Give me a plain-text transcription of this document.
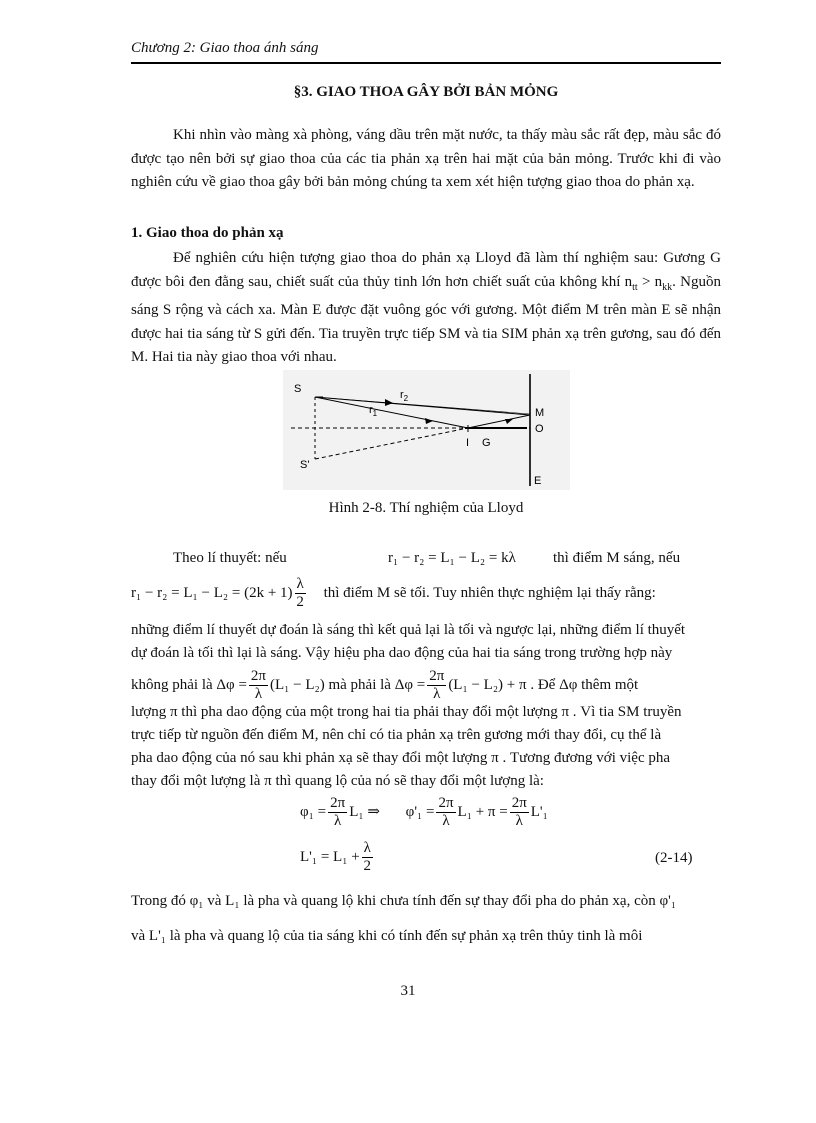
Chương 2: Giao thoa ánh sáng
§3. GIAO THOA GÂY BỞI BẢN MỎNG
Khi nhìn vào màng xà phòng, váng dầu trên mặt nước, ta thấy màu sắc rất đẹp, màu sắc đó được tạo nên bởi sự giao thoa của các tia phản xạ trên hai mặt của bản mỏng. Trước khi đi vào nghiên cứu về giao thoa gây bởi bản mỏng chúng ta xem xét hiện tượng giao thoa do phản xạ.
1. Giao thoa do phản xạ
Để nghiên cứu hiện tượng giao thoa do phản xạ Lloyd đã làm thí nghiệm sau: Gương G được bôi đen đằng sau, chiết suất của thủy tinh lớn hơn chiết suất của không khí $n_{tt} > n_{kk}$. Nguồn sáng S rộng và cách xa. Màn E được đặt vuông góc với gương. Một điểm M trên màn E sẽ nhận được hai tia sáng từ S gửi đến. Tia truyền trực tiếp SM và tia SIM phản xạ trên gương, sau đó đến M. Hai tia này giao thoa với nhau.
S
S'
$r_2$
$r_1$
I G
M
O
E
Hình 2-8. Thí nghiệm của Lloyd
Theo lí thuyết: nếu	r₁ − r₂ = L₁ − L₂ = kλ thì điểm M sáng, nếu
$r_1 - r_2 = L_1 - L_2 = (2k + 1) \frac{\lambda}{2}$ thì điểm M sẽ tối. Tuy nhiên thực nghiệm lại thấy rằng:
những điểm lí thuyết dự đoán là sáng thì kết quả lại là tối và ngược lại, những điểm lí thuyết
dự đoán là tối thì lại là sáng. Vậy hiệu pha dao động của hai tia sáng trong trường hợp này
không phải là $\Delta\varphi = \frac{2\pi}{\lambda} (L_1 - L_2)$ mà phải là $\Delta\varphi = \frac{2\pi}{\lambda} (L_1 - L_2) + \pi$ . Để Δφ thêm một
lượng π thì pha dao động của một trong hai tia phải thay đổi một lượng π . Vì tia SM truyền
trực tiếp từ nguồn đến điểm M, nên chỉ có tia phản xạ trên gương mới thay đổi, cụ thể là
pha dao động của nó sau khi phản xạ sẽ thay đổi một lượng π . Tương đương với việc pha
thay đổi một lượng là π thì quang lộ của nó sẽ thay đổi một lượng là:
$\varphi_1 = \frac{2\pi}{\lambda} L_1$ ⇒ $\varphi'_1 = \frac{2\pi}{\lambda} L_1 + \pi = \frac{2\pi}{\lambda} L'_1$
$L'_1 = L_1 + \frac{\lambda}{2}$	(2-14)
Trong đó φ₁ và L₁ là pha và quang lộ khi chưa tính đến sự thay đổi pha do phản xạ, còn φ'₁
và L'₁ là pha và quang lộ của tia sáng khi có tính đến sự phản xạ trên thủy tinh là môi
31
